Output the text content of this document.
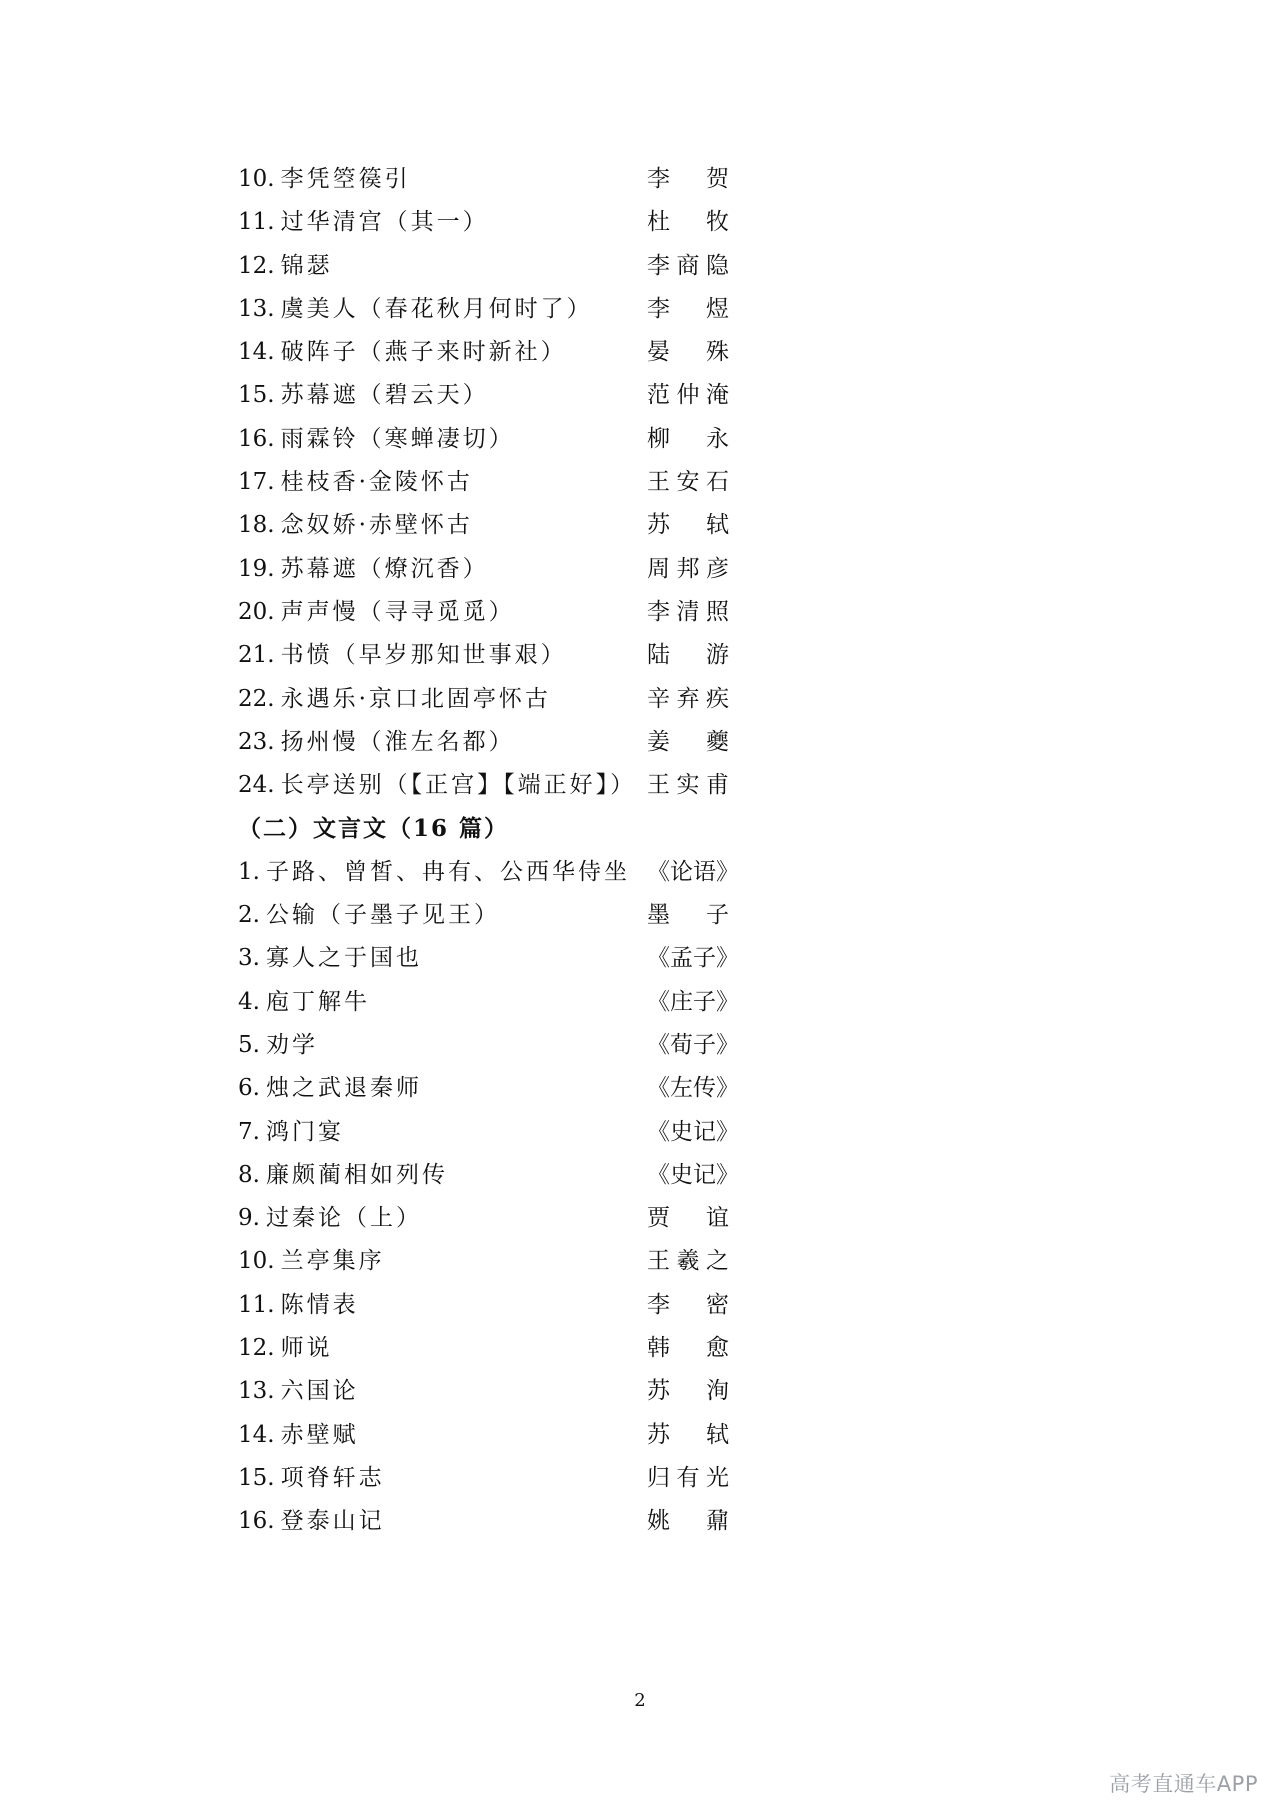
10. 李凭箜篌引	李 贺
11. 过华清宫（其一）	杜 牧
12. 锦瑟	李商隐
13. 虞美人（春花秋月何时了） 李 煜
14. 破阵子（燕子来时新社）	晏 殊
15. 苏幕遮（碧云天）	范仲淹
16. 雨霖铃（寒蝉凄切）	柳 永
17. 桂枝香·金陵怀古	王安石
18. 念奴娇·赤壁怀古	苏 轼
19. 苏幕遮（燎沉香）	周邦彦
20. 声声慢（寻寻觅觅）	李清照
21. 书愤（早岁那知世事艰）	陆 游
22. 永遇乐·京口北固亭怀古	辛弃疾
23. 扬州慢（淮左名都）	姜 夔
24. 长亭送别（【正宫】【端正好】） 王实甫
（二）文言文（16 篇）
1. 子路、曾皙、冉有、公西华侍坐 《论语》
2. 公输（子墨子见王）	墨 子
3. 寡人之于国也	《孟子》
4. 庖丁解牛	《庄子》
5. 劝学	《荀子》
6. 烛之武退秦师	《左传》
7. 鸿门宴	《史记》
8. 廉颇蔺相如列传	《史记》
9. 过秦论（上）	贾 谊
10. 兰亭集序	王羲之
11. 陈情表	李 密
12. 师说	韩 愈
13. 六国论	苏 洵
14. 赤壁赋	苏 轼
15. 项脊轩志	归有光
16. 登泰山记	姚 鼐
2
高考直通车APP
